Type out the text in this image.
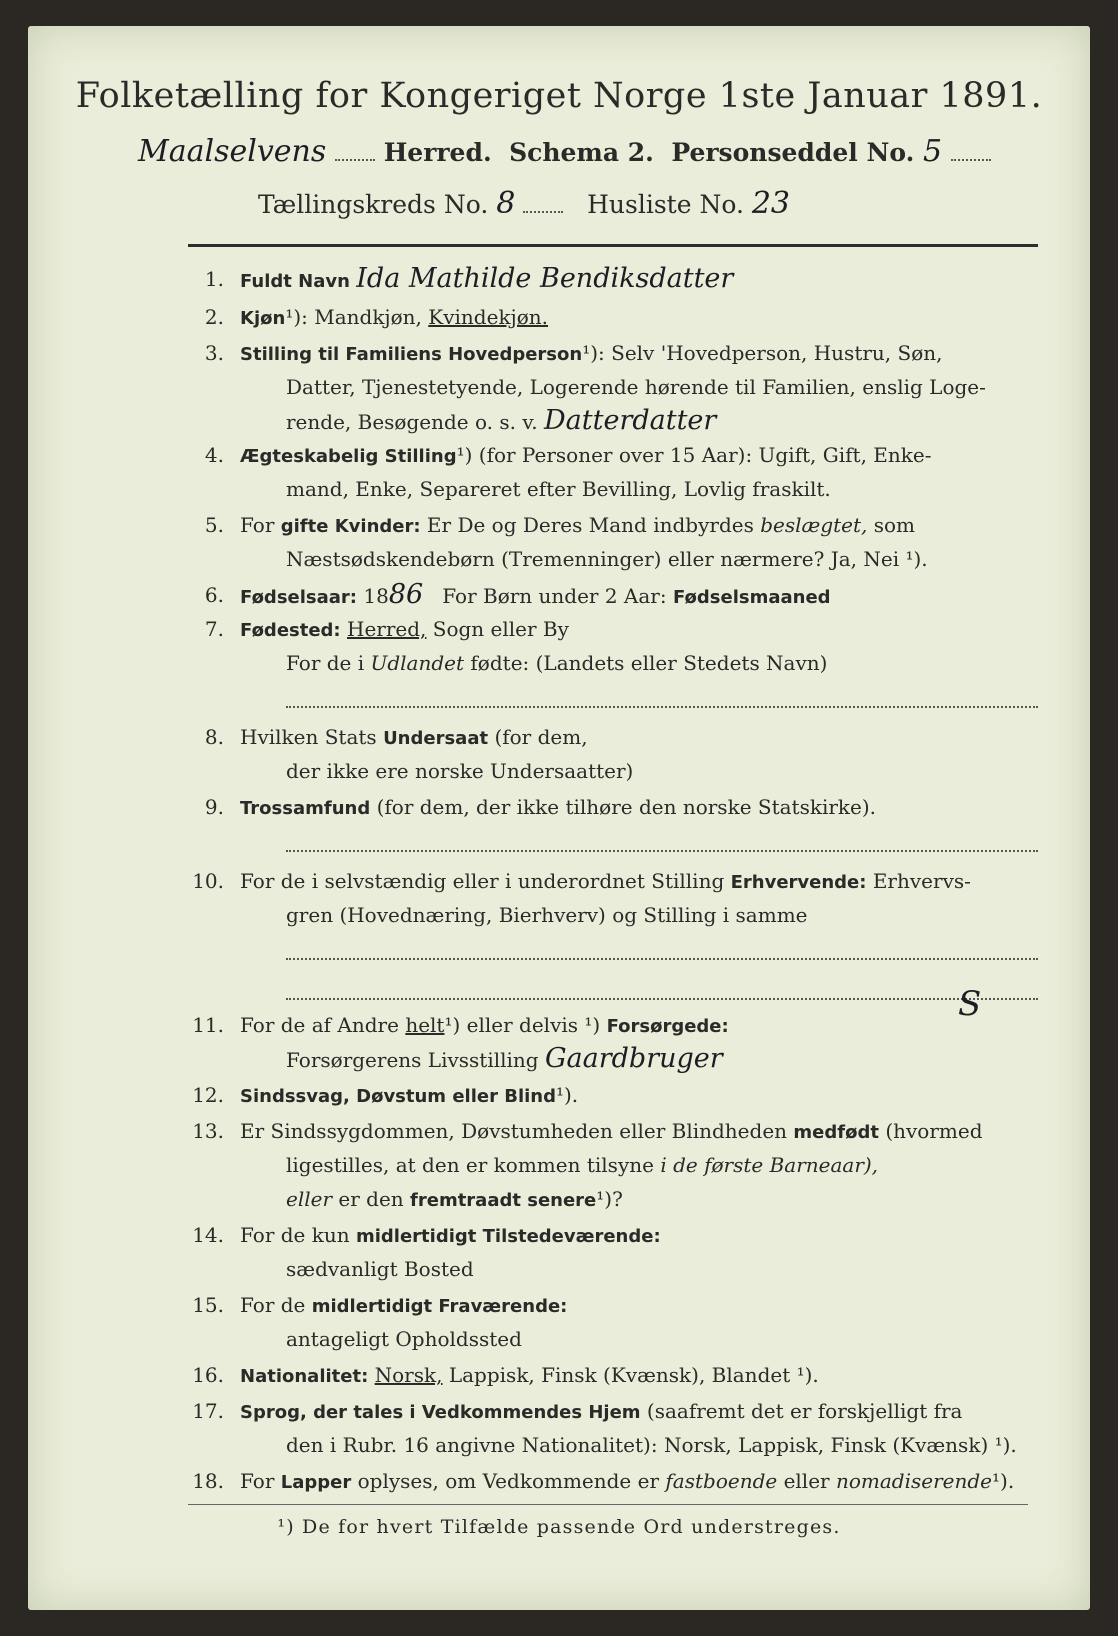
Folketælling for Kongeriget Norge 1ste Januar 1891.
Maalselvens Herred. Schema 2. Personseddel No. 5
Tællingskreds No. 8	Husliste No. 23
1. Fuldt Navn Ida Mathilde Bendiksdatter
2. Kjøn¹): Mandkjøn, Kvindekjøn.
3. Stilling til Familiens Hovedperson¹): Selv 'Hovedperson, Hustru, Søn,
Datter, Tjenestetyende, Logerende hørende til Familien, enslig Loge-
rende, Besøgende o. s. v. Datterdatter
4. Ægteskabelig Stilling¹) (for Personer over 15 Aar): Ugift, Gift, Enke-
mand, Enke, Separeret efter Bevilling, Lovlig fraskilt.
5. For gifte Kvinder: Er De og Deres Mand indbyrdes beslægtet, som
Næstsødskendebørn (Tremenninger) eller nærmere? Ja, Nei ¹).
6. Fødselsaar: 1886 For Børn under 2 Aar: Fødselsmaaned
7. Fødested: Herred, Sogn eller By
For de i Udlandet fødte: (Landets eller Stedets Navn)
8. Hvilken Stats Undersaat (for dem,
der ikke ere norske Undersaatter)
9. Trossamfund (for dem, der ikke tilhøre den norske Statskirke).
10. For de i selvstændig eller i underordnet Stilling Erhvervende: Erhvervs-
gren (Hovednæring, Bierhverv) og Stilling i samme
11. For de af Andre helt¹) eller delvis ¹) Forsørgede:
S
Forsørgerens Livsstilling Gaardbruger
12. Sindssvag, Døvstum eller Blind¹).
13. Er Sindssygdommen, Døvstumheden eller Blindheden medfødt (hvormed
ligestilles, at den er kommen tilsyne i de første Barneaar),
eller er den fremtraadt senere¹)?
14. For de kun midlertidigt Tilstedeværende:
sædvanligt Bosted
15. For de midlertidigt Fraværende:
antageligt Opholdssted
16. Nationalitet: Norsk, Lappisk, Finsk (Kvænsk), Blandet ¹).
17. Sprog, der tales i Vedkommendes Hjem (saafremt det er forskjelligt fra
den i Rubr. 16 angivne Nationalitet): Norsk, Lappisk, Finsk (Kvænsk) ¹).
18. For Lapper oplyses, om Vedkommende er fastboende eller nomadiserende¹).
¹) De for hvert Tilfælde passende Ord understreges.
